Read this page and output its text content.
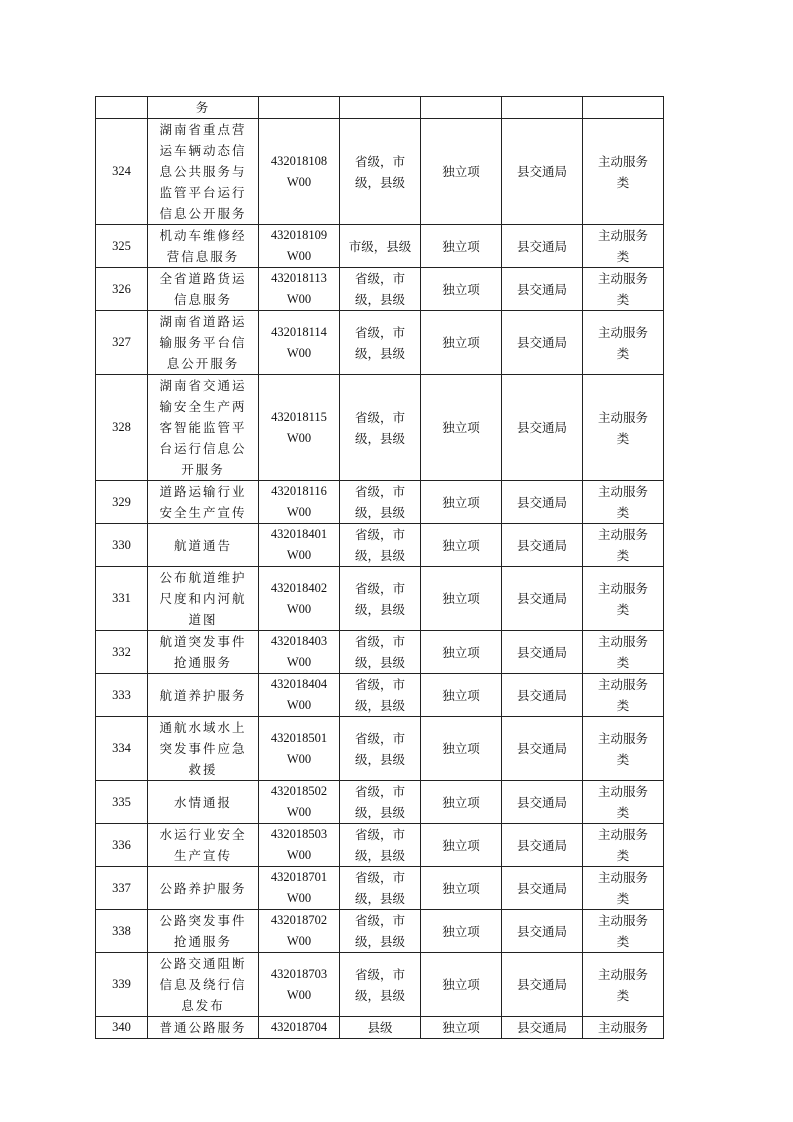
	务					
324	湖南省重点营
运车辆动态信
息公共服务与
监管平台运行
信息公开服务	432018108
W00	省级，市
级，县级	独立项	县交通局	主动服务
类
325	机动车维修经
营信息服务	432018109
W00	市级，县级	独立项	县交通局	主动服务
类
326	全省道路货运
信息服务	432018113
W00	省级，市
级，县级	独立项	县交通局	主动服务
类
327	湖南省道路运
输服务平台信
息公开服务	432018114
W00	省级，市
级，县级	独立项	县交通局	主动服务
类
328	湖南省交通运
输安全生产两
客智能监管平
台运行信息公
开服务	432018115
W00	省级，市
级，县级	独立项	县交通局	主动服务
类
329	道路运输行业
安全生产宣传	432018116
W00	省级，市
级，县级	独立项	县交通局	主动服务
类
330	航道通告	432018401
W00	省级，市
级，县级	独立项	县交通局	主动服务
类
331	公布航道维护
尺度和内河航
道图	432018402
W00	省级，市
级，县级	独立项	县交通局	主动服务
类
332	航道突发事件
抢通服务	432018403
W00	省级，市
级，县级	独立项	县交通局	主动服务
类
333	航道养护服务	432018404
W00	省级，市
级，县级	独立项	县交通局	主动服务
类
334	通航水域水上
突发事件应急
救援	432018501
W00	省级，市
级，县级	独立项	县交通局	主动服务
类
335	水情通报	432018502
W00	省级，市
级，县级	独立项	县交通局	主动服务
类
336	水运行业安全
生产宣传	432018503
W00	省级，市
级，县级	独立项	县交通局	主动服务
类
337	公路养护服务	432018701
W00	省级，市
级，县级	独立项	县交通局	主动服务
类
338	公路突发事件
抢通服务	432018702
W00	省级，市
级，县级	独立项	县交通局	主动服务
类
339	公路交通阻断
信息及绕行信
息发布	432018703
W00	省级，市
级，县级	独立项	县交通局	主动服务
类
340	普通公路服务	432018704	县级	独立项	县交通局	主动服务
